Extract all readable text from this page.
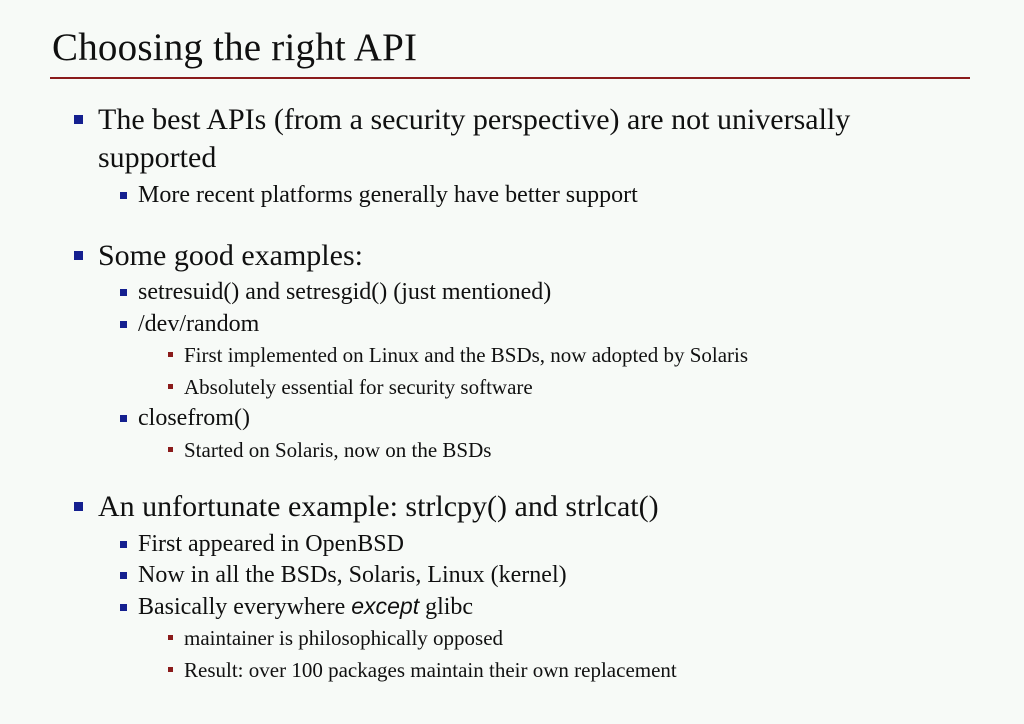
Choosing the right API
The best APIs (from a security perspective) are not universally supported
More recent platforms generally have better support
Some good examples:
setresuid() and setresgid() (just mentioned)
/dev/random
First implemented on Linux and the BSDs, now adopted by Solaris
Absolutely essential for security software
closefrom()
Started on Solaris, now on the BSDs
An unfortunate example: strlcpy() and strlcat()
First appeared in OpenBSD
Now in all the BSDs, Solaris, Linux (kernel)
Basically everywhere except glibc
maintainer is philosophically opposed
Result: over 100 packages maintain their own replacement
